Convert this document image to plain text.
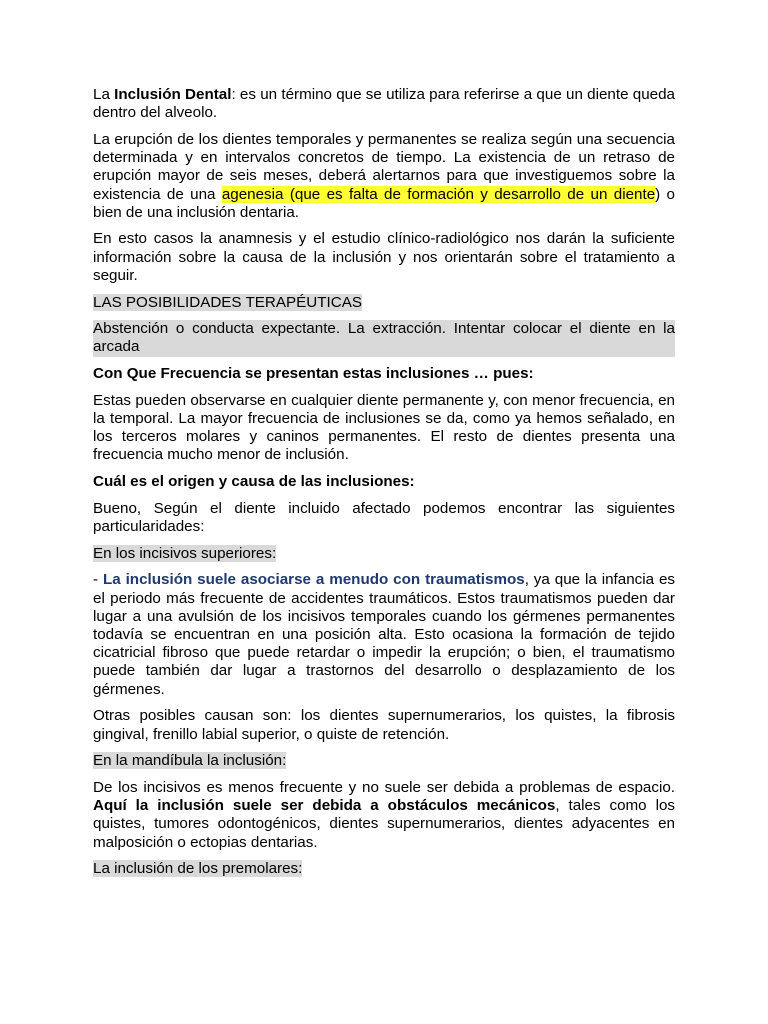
La Inclusión Dental: es un término que se utiliza para referirse a que un diente queda dentro del alveolo.

La erupción de los dientes temporales y permanentes se realiza según una secuencia determinada y en intervalos concretos de tiempo. La existencia de un retraso de erupción mayor de seis meses, deberá alertarnos para que investiguemos sobre la existencia de una agenesia (que es falta de formación y desarrollo de un diente) o bien de una inclusión dentaria.

En esto casos la anamnesis y el estudio clínico-radiológico nos darán la suficiente información sobre la causa de la inclusión y nos orientarán sobre el tratamiento a seguir.

LAS POSIBILIDADES TERAPÉUTICAS

Abstención o conducta expectante. La extracción. Intentar colocar el diente en la arcada

Con Que Frecuencia se presentan estas inclusiones … pues:

Estas pueden observarse en cualquier diente permanente y, con menor frecuencia, en la temporal. La mayor frecuencia de inclusiones se da, como ya hemos señalado, en los terceros molares y caninos permanentes. El resto de dientes presenta una frecuencia mucho menor de inclusión.

Cuál es el origen y causa de las inclusiones:

Bueno, Según el diente incluido afectado podemos encontrar las siguientes particularidades:

En los incisivos superiores:

- La inclusión suele asociarse a menudo con traumatismos, ya que la infancia es el periodo más frecuente de accidentes traumáticos. Estos traumatismos pueden dar lugar a una avulsión de los incisivos temporales cuando los gérmenes permanentes todavía se encuentran en una posición alta. Esto ocasiona la formación de tejido cicatricial fibroso que puede retardar o impedir la erupción; o bien, el traumatismo puede también dar lugar a trastornos del desarrollo o desplazamiento de los gérmenes.

Otras posibles causan son: los dientes supernumerarios, los quistes, la fibrosis gingival, frenillo labial superior, o quiste de retención.

En la mandíbula la inclusión:

De los incisivos es menos frecuente y no suele ser debida a problemas de espacio. Aquí la inclusión suele ser debida a obstáculos mecánicos, tales como los quistes, tumores odontogénicos, dientes supernumerarios, dientes adyacentes en malposición o ectopias dentarias.

La inclusión de los premolares:
